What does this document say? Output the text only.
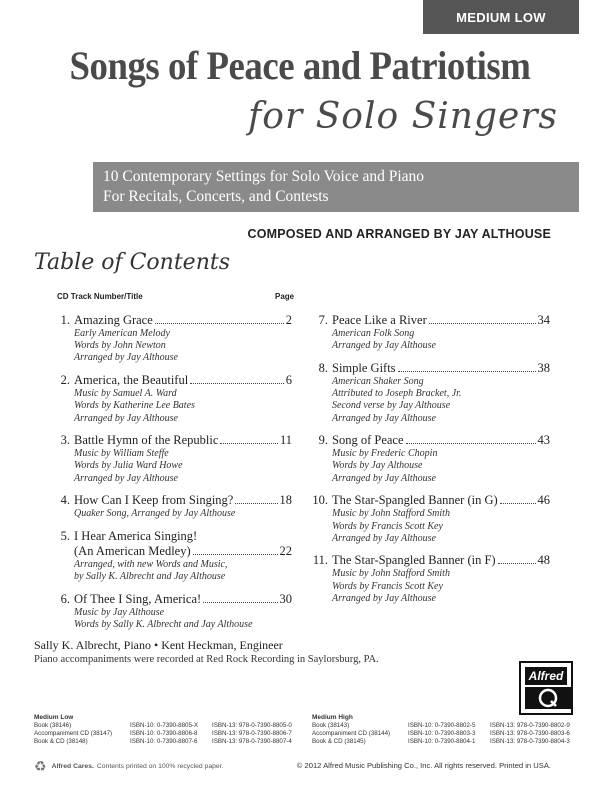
MEDIUM LOW
Songs of Peace and Patriotism
for Solo Singers
10 Contemporary Settings for Solo Voice and Piano
For Recitals, Concerts, and Contests
COMPOSED AND ARRANGED BY JAY ALTHOUSE
Table of Contents
CD Track Number/Title	Page
1. Amazing Grace	2
Early American Melody
Words by John Newton
Arranged by Jay Althouse
2. America, the Beautiful	6
Music by Samuel A. Ward
Words by Katherine Lee Bates
Arranged by Jay Althouse
3. Battle Hymn of the Republic	11
Music by William Steffe
Words by Julia Ward Howe
Arranged by Jay Althouse
4. How Can I Keep from Singing?	18
Quaker Song, Arranged by Jay Althouse
5. I Hear America Singing!
(An American Medley)	22
Arranged, with new Words and Music,
by Sally K. Albrecht and Jay Althouse
6. Of Thee I Sing, America!	30
Music by Jay Althouse
Words by Sally K. Albrecht and Jay Althouse
7. Peace Like a River	34
American Folk Song
Arranged by Jay Althouse
8. Simple Gifts	38
American Shaker Song
Attributed to Joseph Bracket, Jr.
Second verse by Jay Althouse
Arranged by Jay Althouse
9. Song of Peace	43
Music by Frederic Chopin
Words by Jay Althouse
Arranged by Jay Althouse
10. The Star-Spangled Banner (in G)	46
Music by John Stafford Smith
Words by Francis Scott Key
Arranged by Jay Althouse
11. The Star-Spangled Banner (in F)	48
Music by John Stafford Smith
Words by Francis Scott Key
Arranged by Jay Althouse
Sally K. Albrecht, Piano • Kent Heckman, Engineer
Piano accompaniments were recorded at Red Rock Recording in Saylorsburg, PA.
Alfred
Medium Low
Book (38146)	ISBN-10: 0-7390-8805-X	ISBN-13: 978-0-7390-8805-0
Accompaniment CD (38147)	ISBN-10: 0-7390-8806-8	ISBN-13: 978-0-7390-8806-7
Book & CD (38148)	ISBN-10: 0-7390-8807-6	ISBN-13: 978-0-7390-8807-4
Medium High
Book (38143)	ISBN-10: 0-7390-8802-5	ISBN-13: 978-0-7390-8802-9
Accompaniment CD (38144)	ISBN-10: 0-7390-8803-3	ISBN-13: 978-0-7390-8803-6
Book & CD (38145)	ISBN-10: 0-7390-8804-1	ISBN-13: 978-0-7390-8804-3
♻ Alfred Cares. Contents printed on 100% recycled paper.	© 2012 Alfred Music Publishing Co., Inc. All rights reserved. Printed in USA.
